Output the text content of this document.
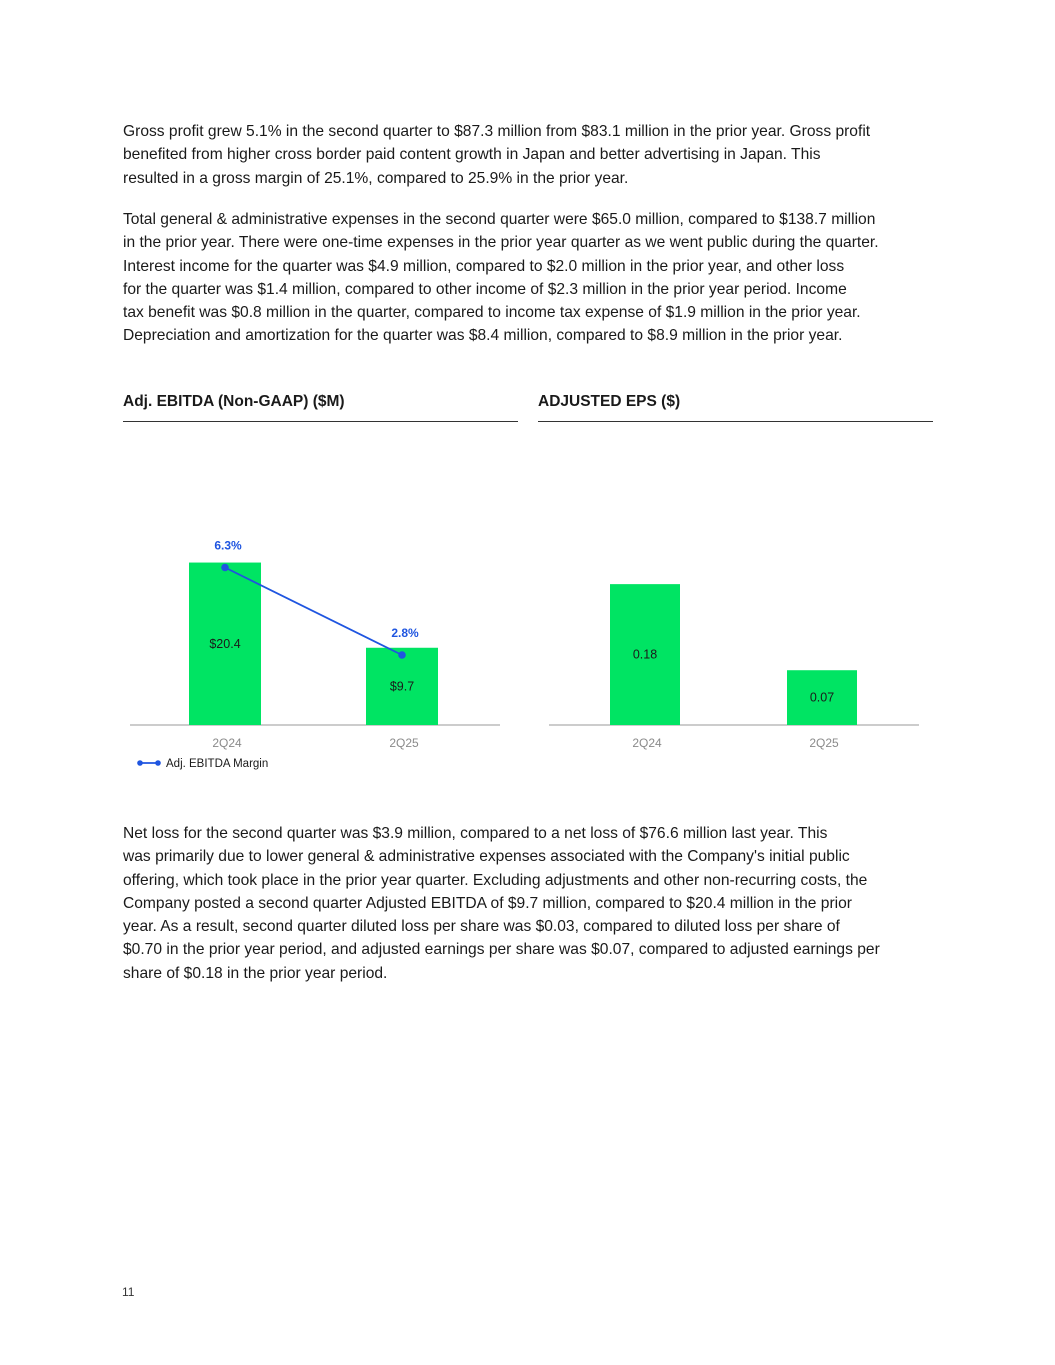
Gross profit grew 5.1% in the second quarter to $87.3 million from $83.1 million in the prior year. Gross profit
benefited from higher cross border paid content growth in Japan and better advertising in Japan. This
resulted in a gross margin of 25.1%, compared to 25.9% in the prior year.
Total general & administrative expenses in the second quarter were $65.0 million, compared to $138.7 million
in the prior year. There were one-time expenses in the prior year quarter as we went public during the quarter.
Interest income for the quarter was $4.9 million, compared to $2.0 million in the prior year, and other loss
for the quarter was $1.4 million, compared to other income of $2.3 million in the prior year period. Income
tax benefit was $0.8 million in the quarter, compared to income tax expense of $1.9 million in the prior year.
Depreciation and amortization for the quarter was $8.4 million, compared to $8.9 million in the prior year.
Adj. EBITDA (Non-GAAP) ($M)	ADJUSTED EPS ($)
$20.4
2Q24
$9.7
2Q25
6.3%
2.8%
Adj. EBITDA Margin
0.18
2Q24
0.07
2Q25
Net loss for the second quarter was $3.9 million, compared to a net loss of $76.6 million last year. This
was primarily due to lower general & administrative expenses associated with the Company's initial public
offering, which took place in the prior year quarter. Excluding adjustments and other non-recurring costs, the
Company posted a second quarter Adjusted EBITDA of $9.7 million, compared to $20.4 million in the prior
year. As a result, second quarter diluted loss per share was $0.03, compared to diluted loss per share of
$0.70 in the prior year period, and adjusted earnings per share was $0.07, compared to adjusted earnings per
share of $0.18 in the prior year period.
11
